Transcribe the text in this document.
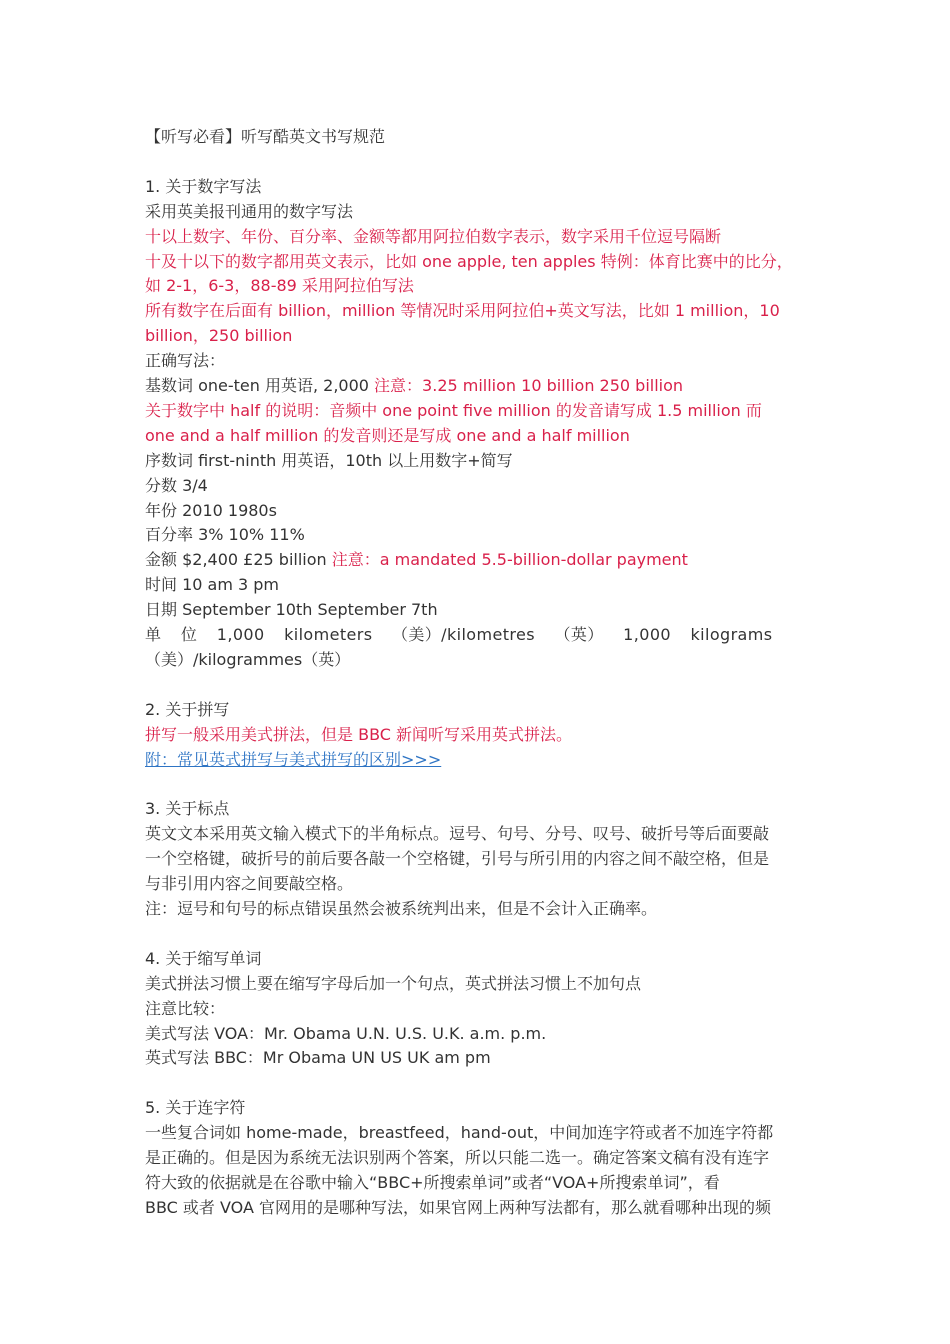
【听写必看】听写酷英文书写规范
1. 关于数字写法
采用英美报刊通用的数字写法
十以上数字、年份、百分率、金额等都用阿拉伯数字表示，数字采用千位逗号隔断
十及十以下的数字都用英文表示，比如 one apple, ten apples 特例：体育比赛中的比分，
如 2-1，6-3，88-89 采用阿拉伯写法
所有数字在后面有 billion，million 等情况时采用阿拉伯+英文写法，比如 1 million，10
billion，250 billion
正确写法：
基数词 one-ten 用英语, 2,000 注意：3.25 million 10 billion 250 billion
关于数字中 half 的说明：音频中 one point five million 的发音请写成 1.5 million 而
one and a half million 的发音则还是写成 one and a half million
序数词 first-ninth 用英语，10th 以上用数字+简写
分数 3/4
年份 2010 1980s
百分率 3% 10% 11%
金额 $2,400 £25 billion 注意：a mandated 5.5-billion-dollar payment
时间 10 am 3 pm
日期 September 10th September 7th
单 位 1,000 kilometers （美）/kilometres （英） 1,000 kilograms
（美）/kilogrammes（英）
2. 关于拼写
拼写一般采用美式拼法，但是 BBC 新闻听写采用英式拼法。
附：常见英式拼写与美式拼写的区别>>>
3. 关于标点
英文文本采用英文输入模式下的半角标点。逗号、句号、分号、叹号、破折号等后面要敲
一个空格键，破折号的前后要各敲一个空格键，引号与所引用的内容之间不敲空格，但是
与非引用内容之间要敲空格。
注：逗号和句号的标点错误虽然会被系统判出来，但是不会计入正确率。
4. 关于缩写单词
美式拼法习惯上要在缩写字母后加一个句点，英式拼法习惯上不加句点
注意比较：
美式写法 VOA：Mr. Obama U.N. U.S. U.K. a.m. p.m.
英式写法 BBC：Mr Obama UN US UK am pm
5. 关于连字符
一些复合词如 home-made，breastfeed，hand-out，中间加连字符或者不加连字符都
是正确的。但是因为系统无法识别两个答案，所以只能二选一。确定答案文稿有没有连字
符大致的依据就是在谷歌中输入“BBC+所搜索单词”或者“VOA+所搜索单词”，看
BBC 或者 VOA 官网用的是哪种写法，如果官网上两种写法都有，那么就看哪种出现的频
